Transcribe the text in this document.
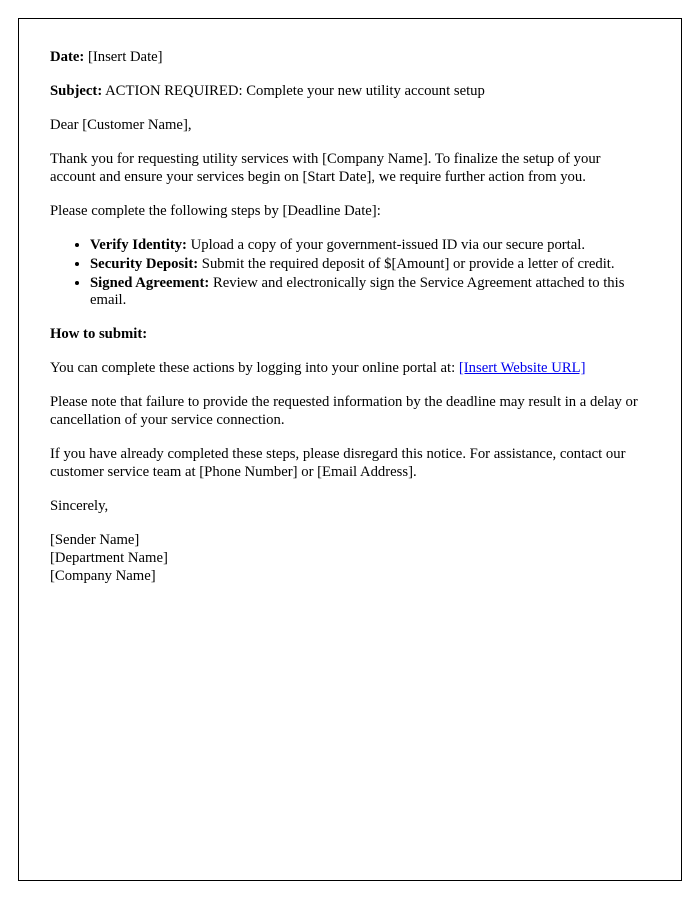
Date: [Insert Date]

Subject: ACTION REQUIRED: Complete your new utility account setup

Dear [Customer Name],

Thank you for requesting utility services with [Company Name]. To finalize the setup of your account and ensure your services begin on [Start Date], we require further action from you.

Please complete the following steps by [Deadline Date]:

• Verify Identity: Upload a copy of your government-issued ID via our secure portal.
• Security Deposit: Submit the required deposit of $[Amount] or provide a letter of credit.
• Signed Agreement: Review and electronically sign the Service Agreement attached to this email.

How to submit:

You can complete these actions by logging into your online portal at: [Insert Website URL]

Please note that failure to provide the requested information by the deadline may result in a delay or cancellation of your service connection.

If you have already completed these steps, please disregard this notice. For assistance, contact our customer service team at [Phone Number] or [Email Address].

Sincerely,

[Sender Name]
[Department Name]
[Company Name]
